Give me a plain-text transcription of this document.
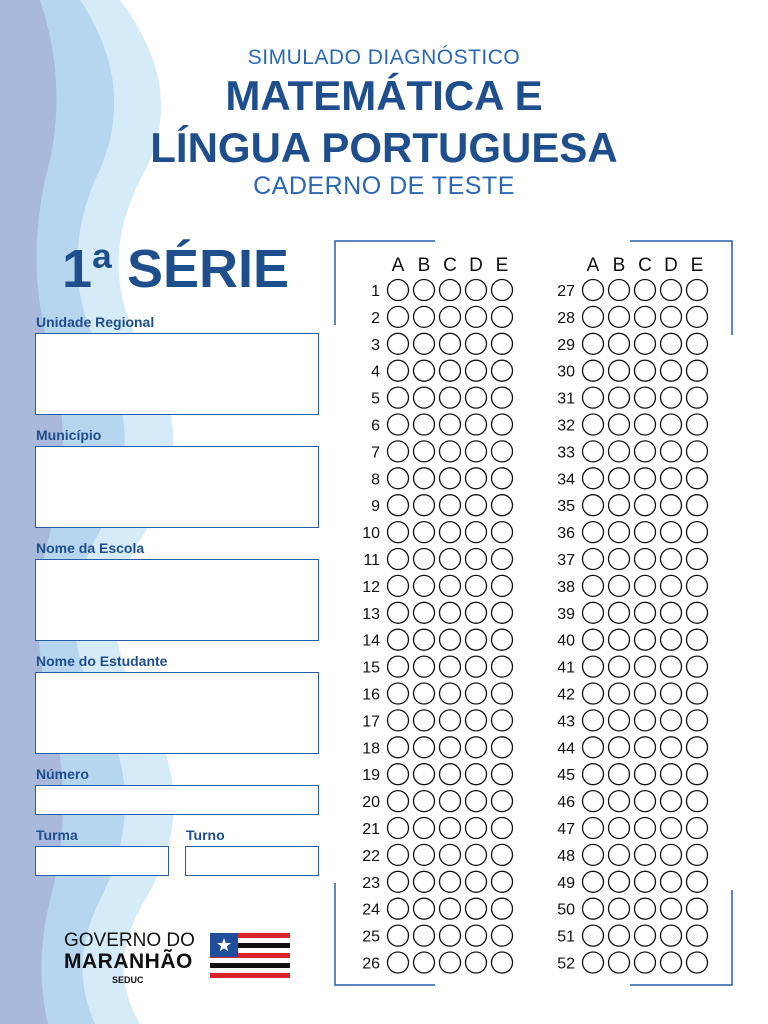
SIMULADO DIAGNÓSTICO

MATEMÁTICA E

LÍNGUA PORTUGUESA

CADERNO DE TESTE

1ª SÉRIE
Unidade Regional
Município
Nome da Escola
Nome do Estudante
Número
Turma	Turno
A B C D E	A B C D E
1
2
3
4
5
6
7
8
9
10
11
12
13
14
15
16
17
18
19
20
21
22
23
24
25
26
27
28
29
30
31
32
33
34
35
36
37
38
39
40
41
42
43
44
45
46
47
48
49
50
51
52
GOVERNO DO
MARANHÃO
SEDUC
